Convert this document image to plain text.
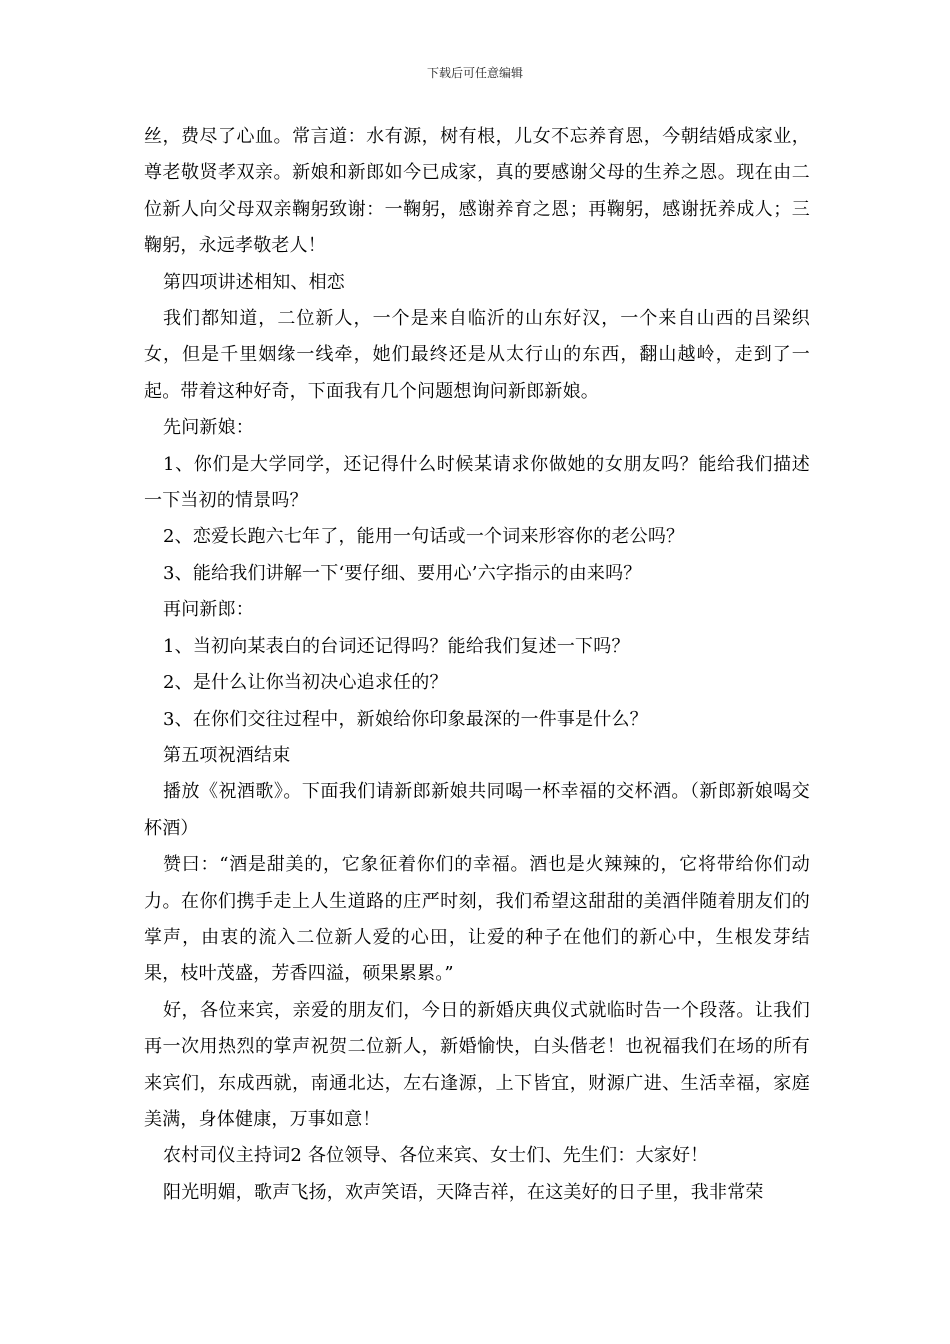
下载后可任意编辑

丝，费尽了心血。常言道：水有源，树有根，儿女不忘养育恩，今朝结婚成家业，尊老敬贤孝双亲。新娘和新郎如今已成家，真的要感谢父母的生养之恩。现在由二位新人向父母双亲鞠躬致谢：一鞠躬，感谢养育之恩；再鞠躬，感谢抚养成人；三鞠躬，永远孝敬老人！

第四项讲述相知、相恋

我们都知道，二位新人，一个是来自临沂的山东好汉，一个来自山西的吕梁织女，但是千里姻缘一线牵，她们最终还是从太行山的东西，翻山越岭，走到了一起。带着这种好奇，下面我有几个问题想询问新郎新娘。

先问新娘：

1、你们是大学同学，还记得什么时候某请求你做她的女朋友吗？能给我们描述一下当初的情景吗？

2、恋爱长跑六七年了，能用一句话或一个词来形容你的老公吗？

3、能给我们讲解一下‘要仔细、要用心’六字指示的由来吗？

再问新郎：

1、当初向某表白的台词还记得吗？能给我们复述一下吗？

2、是什么让你当初决心追求任的？

3、在你们交往过程中，新娘给你印象最深的一件事是什么？

第五项祝酒结束

播放《祝酒歌》。下面我们请新郎新娘共同喝一杯幸福的交杯酒。（新郎新娘喝交杯酒）

赞曰：“酒是甜美的，它象征着你们的幸福。酒也是火辣辣的，它将带给你们动力。在你们携手走上人生道路的庄严时刻，我们希望这甜甜的美酒伴随着朋友们的掌声，由衷的流入二位新人爱的心田，让爱的种子在他们的新心中，生根发芽结果，枝叶茂盛，芳香四溢，硕果累累。”

好，各位来宾，亲爱的朋友们，今日的新婚庆典仪式就临时告一个段落。让我们再一次用热烈的掌声祝贺二位新人，新婚愉快，白头偕老！也祝福我们在场的所有来宾们，东成西就，南通北达，左右逢源，上下皆宜，财源广进、生活幸福，家庭美满，身体健康，万事如意！

农村司仪主持词2 各位领导、各位来宾、女士们、先生们：大家好！

阳光明媚，歌声飞扬，欢声笑语，天降吉祥，在这美好的日子里，我非常荣
